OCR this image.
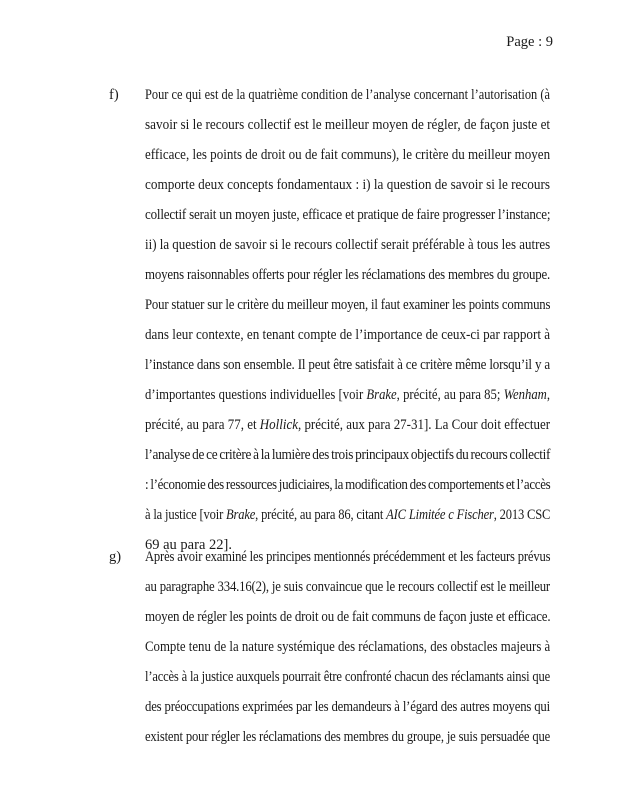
Page : 9
f) Pour ce qui est de la quatrième condition de l’analyse concernant l’autorisation (à
savoir si le recours collectif est le meilleur moyen de régler, de façon juste et
efficace, les points de droit ou de fait communs), le critère du meilleur moyen
comporte deux concepts fondamentaux : i) la question de savoir si le recours
collectif serait un moyen juste, efficace et pratique de faire progresser l’instance;
ii) la question de savoir si le recours collectif serait préférable à tous les autres
moyens raisonnables offerts pour régler les réclamations des membres du groupe.
Pour statuer sur le critère du meilleur moyen, il faut examiner les points communs
dans leur contexte, en tenant compte de l’importance de ceux-ci par rapport à
l’instance dans son ensemble. Il peut être satisfait à ce critère même lorsqu’il y a
d’importantes questions individuelles [voir Brake, précité, au para 85; Wenham,
précité, au para 77, et Hollick, précité, aux para 27-31]. La Cour doit effectuer
l’analyse de ce critère à la lumière des trois principaux objectifs du recours collectif
: l’économie des ressources judiciaires, la modification des comportements et l’accès
à la justice [voir Brake, précité, au para 86, citant AIC Limitée c Fischer, 2013 CSC
69 au para 22].
g) Après avoir examiné les principes mentionnés précédemment et les facteurs prévus
au paragraphe 334.16(2), je suis convaincue que le recours collectif est le meilleur
moyen de régler les points de droit ou de fait communs de façon juste et efficace.
Compte tenu de la nature systémique des réclamations, des obstacles majeurs à
l’accès à la justice auxquels pourrait être confronté chacun des réclamants ainsi que
des préoccupations exprimées par les demandeurs à l’égard des autres moyens qui
existent pour régler les réclamations des membres du groupe, je suis persuadée que
